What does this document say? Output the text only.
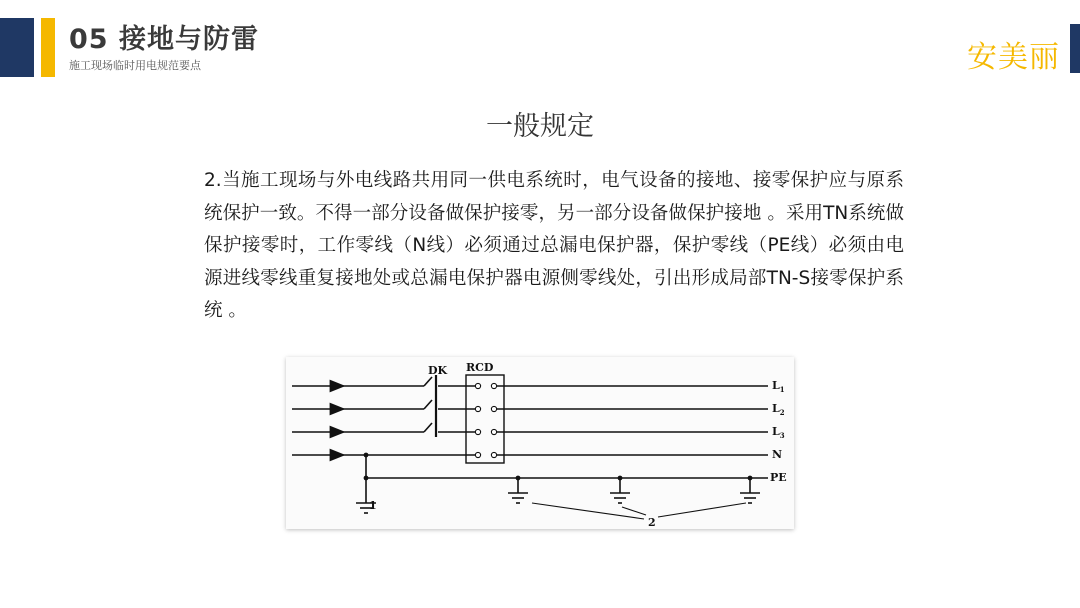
05 接地与防雷
施工现场临时用电规范要点	安美丽
一般规定
2.当施工现场与外电线路共用同一供电系统时，电气设备的接地、接零保护应与原系统保护一致。不得一部分设备做保护接零，另一部分设备做保护接地 。采用TN系统做保护接零时，工作零线（N线）必须通过总漏电保护器，保护零线（PE线）必须由电源进线零线重复接地处或总漏电保护器电源侧零线处，引出形成局部TN-S接零保护系统 。
DK RCD
$L_1$
$L_2$
$L_3$
N
PE
1
2
